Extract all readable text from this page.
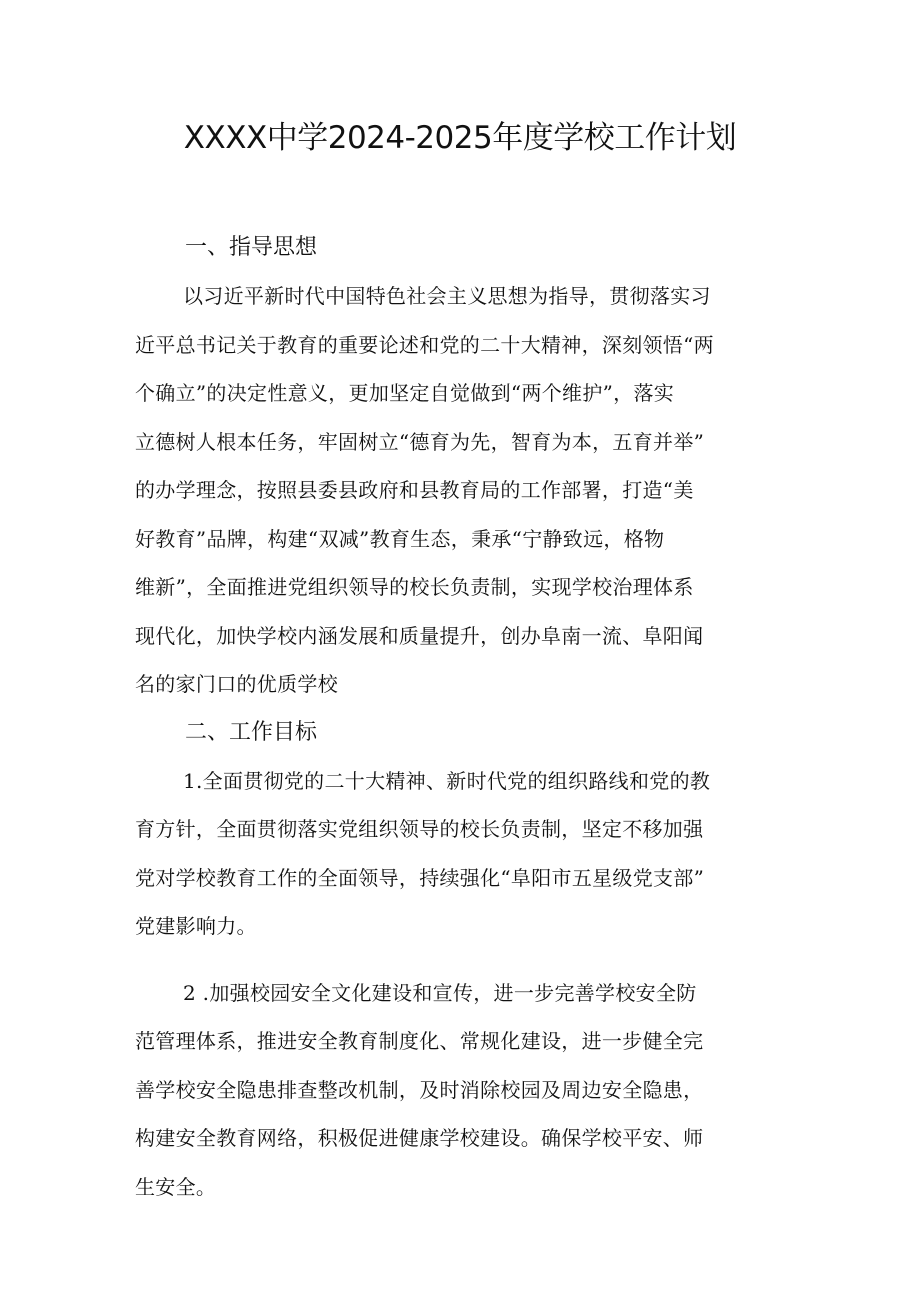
XXXX中学2024-2025年度学校工作计划
一、指导思想

以习近平新时代中国特色社会主义思想为指导，贯彻落实习
近平总书记关于教育的重要论述和党的二十大精神，深刻领悟“两
个确立”的决定性意义，更加坚定自觉做到“两个维护”，落实
立德树人根本任务，牢固树立“德育为先，智育为本，五育并举”
的办学理念，按照县委县政府和县教育局的工作部署，打造“美
好教育”品牌，构建“双减”教育生态，秉承“宁静致远，格物
维新”，全面推进党组织领导的校长负责制，实现学校治理体系
现代化，加快学校内涵发展和质量提升，创办阜南一流、阜阳闻
名的家门口的优质学校

二、工作目标

1.全面贯彻党的二十大精神、新时代党的组织路线和党的教
育方针，全面贯彻落实党组织领导的校长负责制，坚定不移加强
党对学校教育工作的全面领导，持续强化“阜阳市五星级党支部”
党建影响力。

2 .加强校园安全文化建设和宣传，进一步完善学校安全防
范管理体系，推进安全教育制度化、常规化建设，进一步健全完
善学校安全隐患排查整改机制，及时消除校园及周边安全隐患，
构建安全教育网络，积极促进健康学校建设。确保学校平安、师
生安全。
